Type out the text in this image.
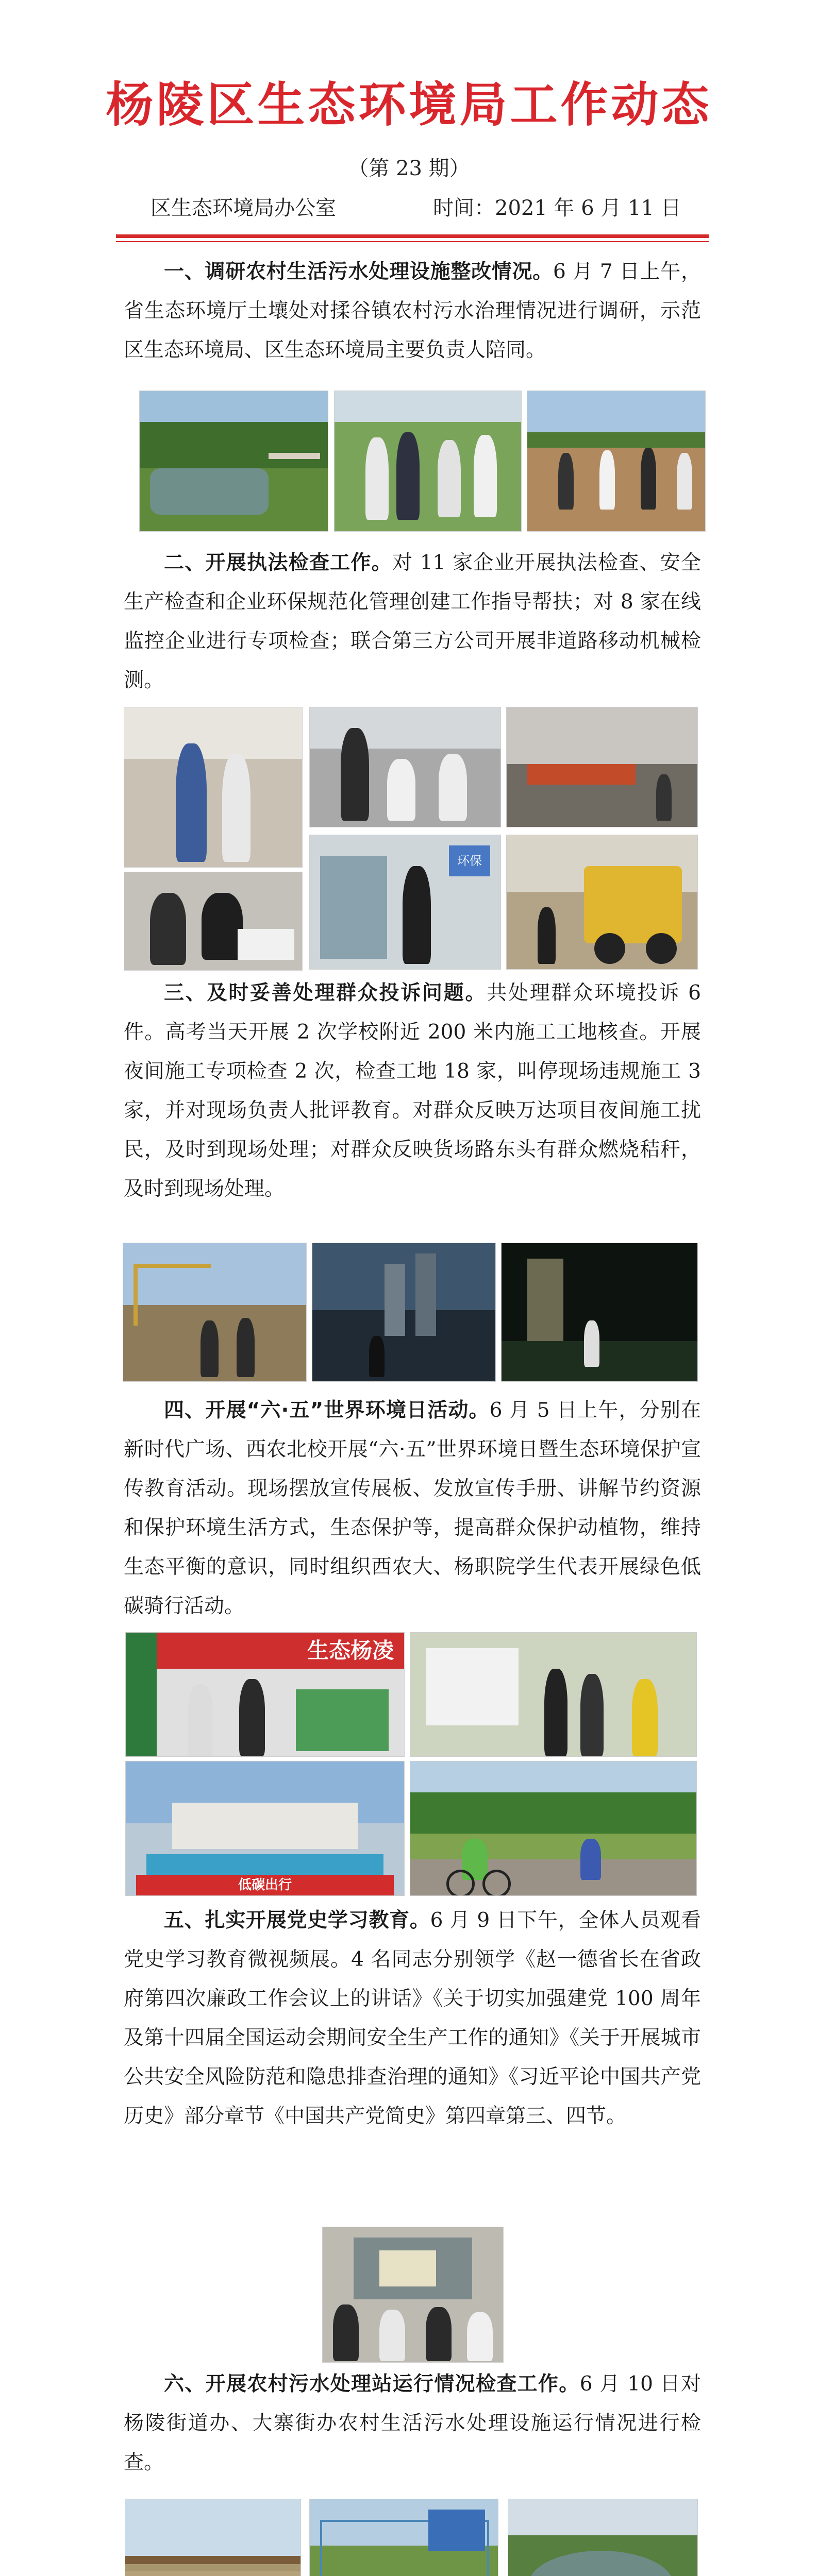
杨陵区生态环境局工作动态
（第 23 期）
区生态环境局办公室	时间：2021 年 6 月 11 日

一、调研农村生活污水处理设施整改情况。6 月 7 日上午，省生态环境厅土壤处对揉谷镇农村污水治理情况进行调研，示范区生态环境局、区生态环境局主要负责人陪同。

二、开展执法检查工作。对 11 家企业开展执法检查、安全生产检查和企业环保规范化管理创建工作指导帮扶；对 8 家在线监控企业进行专项检查；联合第三方公司开展非道路移动机械检测。

环保

三、及时妥善处理群众投诉问题。共处理群众环境投诉 6 件。高考当天开展 2 次学校附近 200 米内施工工地核查。开展夜间施工专项检查 2 次，检查工地 18 家，叫停现场违规施工 3 家，并对现场负责人批评教育。对群众反映万达项目夜间施工扰民，及时到现场处理；对群众反映货场路东头有群众燃烧秸秆，及时到现场处理。

四、开展“六·五”世界环境日活动。6 月 5 日上午，分别在新时代广场、西农北校开展“六·五”世界环境日暨生态环境保护宣传教育活动。现场摆放宣传展板、发放宣传手册、讲解节约资源和保护环境生活方式，生态保护等，提高群众保护动植物，维持生态平衡的意识，同时组织西农大、杨职院学生代表开展绿色低碳骑行活动。

生态杨凌
低碳出行

五、扎实开展党史学习教育。6 月 9 日下午，全体人员观看党史学习教育微视频展。4 名同志分别领学《赵一德省长在省政府第四次廉政工作会议上的讲话》《关于切实加强建党 100 周年及第十四届全国运动会期间安全生产工作的通知》《关于开展城市公共安全风险防范和隐患排查治理的通知》《习近平论中国共产党历史》部分章节《中国共产党简史》第四章第三、四节。

六、开展农村污水处理站运行情况检查工作。6 月 10 日对杨陵街道办、大寨街办农村生活污水处理设施运行情况进行检查。
